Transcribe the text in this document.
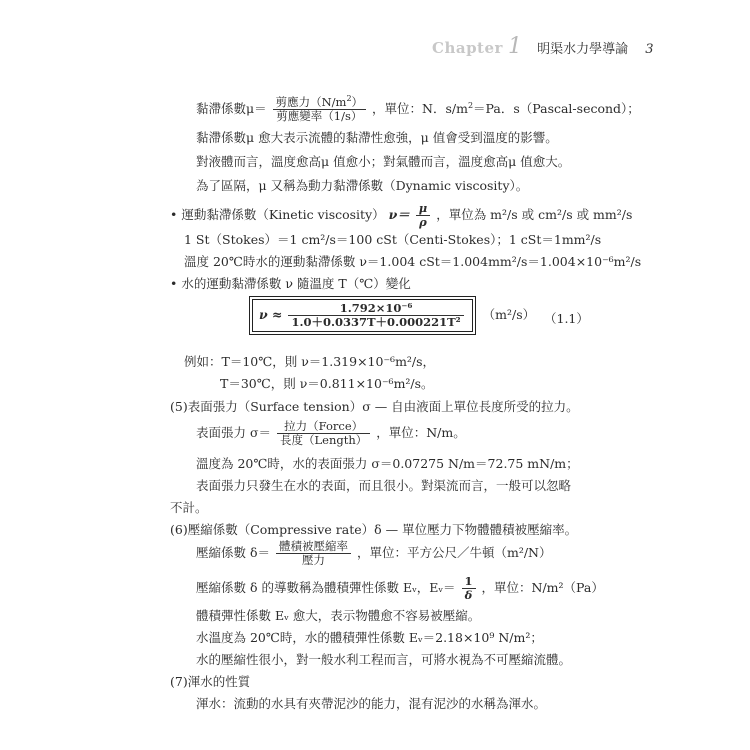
Chapter 1 明渠水力學導論 3
黏滯係數$\mu= \frac{剪應力(N/m^2)}{\text{剪應變率（1/s）}}$ ，單位：N．$s/m^2=Pa$．s（Pascal-second）；
黏滯係數μ 愈大表示流體的黏滯性愈強，μ 值會受到溫度的影響。
對液體而言，溫度愈高μ 值愈小；對氣體而言，溫度愈高μ 值愈大。
為了區隔，μ 又稱為動力黏滯係數（Dynamic viscosity）。
• 運動黏滯係數（Kinetic viscosity） $\nu= \frac{\mu}{\rho}$ ，單位為 m²/s 或 cm²/s 或 mm²/s
1 St（Stokes）＝1 cm²/s＝100 cSt（Centi-Stokes）；1 cSt＝1mm²/s
溫度 20℃時水的運動黏滯係數 ν＝1.004 cSt＝1.004mm²/s＝1.004×10⁻⁶m²/s
• 水的運動黏滯係數 ν 隨溫度 T（℃）變化
$\nu \approx \frac{\text{1.792×10⁻⁶}}{\text{1.0＋0.0337T＋0.000221T²}} (m^2/s)$ （1.1）
例如：T＝10℃，則 ν＝1.319×10⁻⁶m²/s，
T＝30℃，則 ν＝0.811×10⁻⁶m²/s。
(5)表面張力（Surface tension）σ — 自由液面上單位長度所受的拉力。
表面張力 $\sigma= \frac{\text{拉力（Force）}}{\text{長度（Length）}}$ ，單位：N/m。
溫度為 20℃時，水的表面張力 σ＝0.07275 N/m＝72.75 mN/m；
表面張力只發生在水的表面，而且很小。對渠流而言，一般可以忽略
不計。
(6)壓縮係數（Compressive rate）δ — 單位壓力下物體體積被壓縮率。
壓縮係數 $\delta= \frac{\text{體積被壓縮率}}{\text{壓力}}$ ，單位：平方公尺／牛頓（m²/N）
壓縮係數 δ 的導數稱為體積彈性係數 Eᵥ，Eᵥ＝ $\frac{1}{\delta}$ ，單位：N/m²（Pa）
體積彈性係數 Eᵥ 愈大，表示物體愈不容易被壓縮。
水溫度為 20℃時，水的體積彈性係數 Eᵥ＝2.18×10⁹ N/m²；
水的壓縮性很小，對一般水利工程而言，可將水視為不可壓縮流體。
(7)渾水的性質
渾水：流動的水具有夾帶泥沙的能力，混有泥沙的水稱為渾水。
